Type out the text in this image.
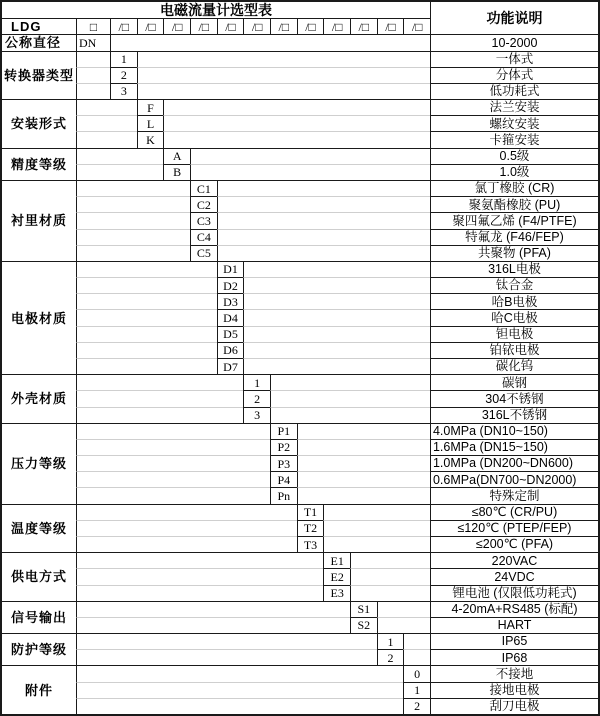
电磁流量计选型表
功能说明
LDG	□	/□	/□	/□	/□	/□	/□	/□	/□	/□	/□	/□	/□
公称直径	DN	10-2000
转换器类型
1	一体式
2	分体式
3	低功耗式
安装形式
F	法兰安装
L	螺纹安装
K	卡箍安装
精度等级
A	0.5级
B	1.0级
衬里材质
C1	氯丁橡胶 (CR)
C2	聚氨酯橡胶 (PU)
C3	聚四氟乙烯 (F4/PTFE)
C4	特氟龙 (F46/FEP)
C5	共聚物 (PFA)
电极材质
D1	316L电极
D2	钛合金
D3	哈B电极
D4	哈C电极
D5	钽电极
D6	铂铱电极
D7	碳化钨
外壳材质
1	碳钢
2	304不锈钢
3	316L不锈钢
压力等级
P1	4.0MPa (DN10~150)
P2	1.6MPa (DN15~150)
P3	1.0MPa (DN200~DN600)
P4	0.6MPa(DN700~DN2000)
Pn	特殊定制
温度等级
T1	≤80℃ (CR/PU)
T2	≤120℃ (PTEP/FEP)
T3	≤200℃ (PFA)
供电方式
E1	220VAC
E2	24VDC
E3	锂电池 (仅限低功耗式)
信号输出
S1	4-20mA+RS485 (标配)
S2	HART
防护等级
1	IP65
2	IP68
附件
0	不接地
1	接地电极
2	刮刀电极
